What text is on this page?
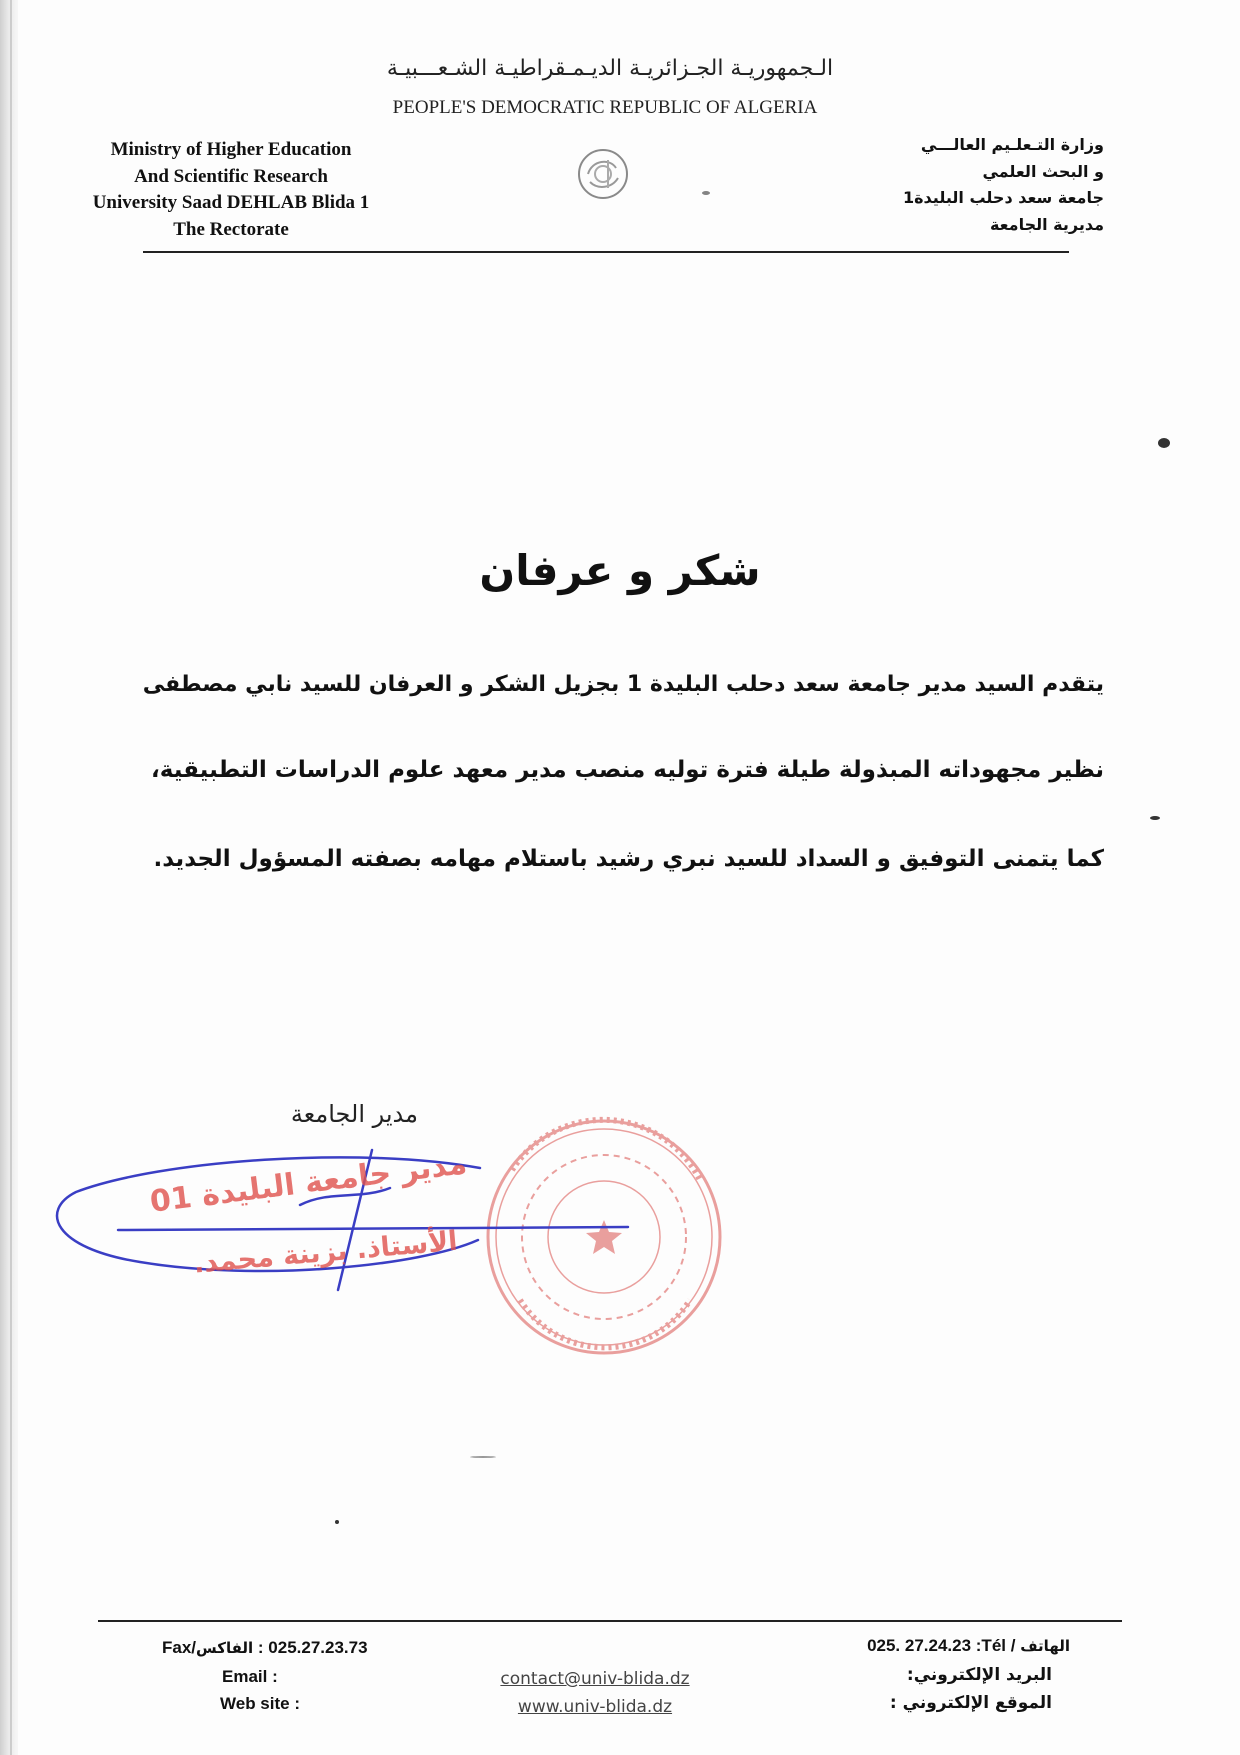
الـجمهوريـة الجـزائريـة الديـمـقراطيـة الشـعـــبيـة
PEOPLE'S DEMOCRATIC REPUBLIC OF ALGERIA
Ministry of Higher Education
And Scientific Research
University Saad DEHLAB Blida 1
The Rectorate
وزارة التـعلـيم العالـــي
و البحث العلمي
جامعة سعد دحلب البليدة1
مديرية الجامعة
شكر و عرفان
يتقدم السيد مدير جامعة سعد دحلب البليدة 1 بجزيل الشكر و العرفان للسيد نابي مصطفى
نظير مجهوداته المبذولة طيلة فترة توليه منصب مدير معهد علوم الدراسات التطبيقية،
كما يتمنى التوفيق و السداد للسيد نبري رشيد باستلام مهامه بصفته المسؤول الجديد.
مدير الجامعة
مدير جامعة البليدة 01
الأستاذ. بزينة محمد.
Fax/الفاكس : 025.27.23.73
Email :
Web site :
contact@univ-blida.dz
www.univ-blida.dz
025. 27.24.23 :Tél / الهاتف
البريد الإلكتروني:
الموقع الإلكتروني :
